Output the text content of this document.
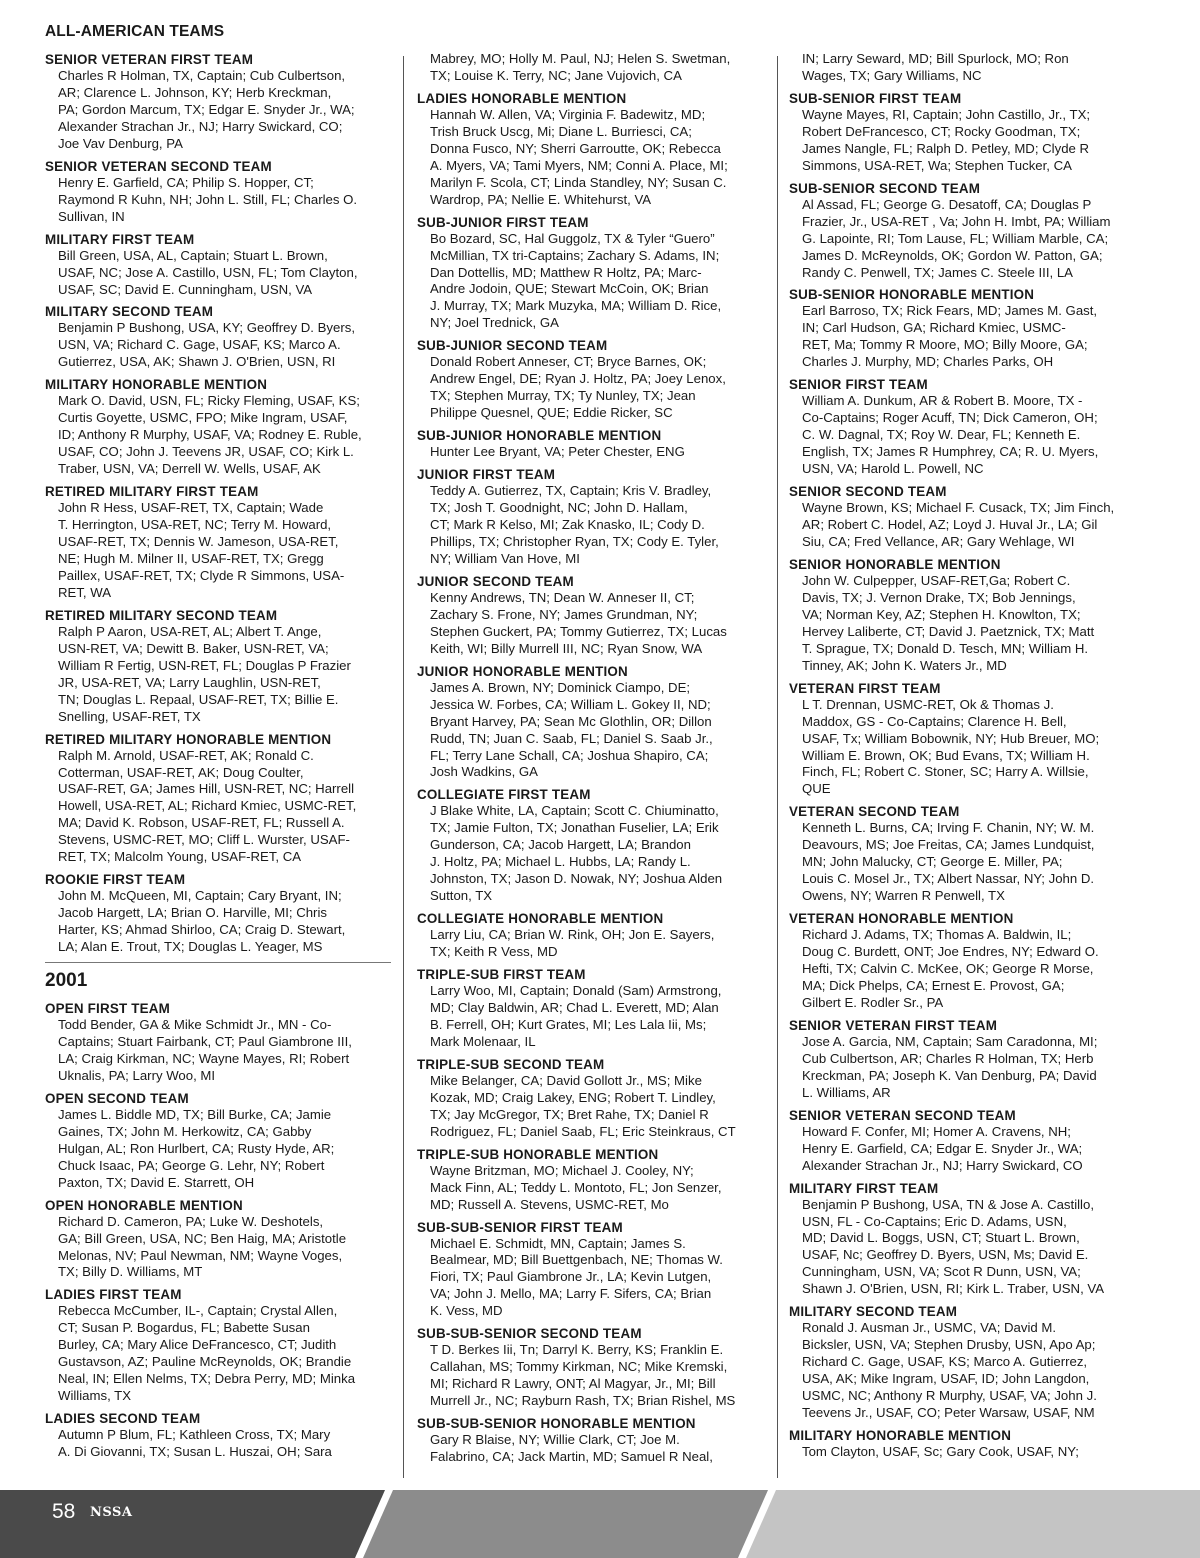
ALL-AMERICAN TEAMS
SENIOR VETERAN FIRST TEAM
Charles R Holman, TX, Captain; Cub Culbertson,
AR; Clarence L. Johnson, KY; Herb Kreckman,
PA; Gordon Marcum, TX; Edgar E. Snyder Jr., WA;
Alexander Strachan Jr., NJ; Harry Swickard, CO;
Joe Vav Denburg, PA
SENIOR VETERAN SECOND TEAM
Henry E. Garfield, CA; Philip S. Hopper, CT;
Raymond R Kuhn, NH; John L. Still, FL; Charles O.
Sullivan, IN
MILITARY FIRST TEAM
Bill Green, USA, AL, Captain; Stuart L. Brown,
USAF, NC; Jose A. Castillo, USN, FL; Tom Clayton,
USAF, SC; David E. Cunningham, USN, VA
MILITARY SECOND TEAM
Benjamin P Bushong, USA, KY; Geoffrey D. Byers,
USN, VA; Richard C. Gage, USAF, KS; Marco A.
Gutierrez, USA, AK; Shawn J. O'Brien, USN, RI
MILITARY HONORABLE MENTION
Mark O. David, USN, FL; Ricky Fleming, USAF, KS;
Curtis Goyette, USMC, FPO; Mike Ingram, USAF,
ID; Anthony R Murphy, USAF, VA; Rodney E. Ruble,
USAF, CO; John J. Teevens JR, USAF, CO; Kirk L.
Traber, USN, VA; Derrell W. Wells, USAF, AK
RETIRED MILITARY FIRST TEAM
John R Hess, USAF-RET, TX, Captain; Wade
T. Herrington, USA-RET, NC; Terry M. Howard,
USAF-RET, TX; Dennis W. Jameson, USA-RET,
NE; Hugh M. Milner II, USAF-RET, TX; Gregg
Paillex, USAF-RET, TX; Clyde R Simmons, USA-
RET, WA
RETIRED MILITARY SECOND TEAM
Ralph P Aaron, USA-RET, AL; Albert T. Ange,
USN-RET, VA; Dewitt B. Baker, USN-RET, VA;
William R Fertig, USN-RET, FL; Douglas P Frazier
JR, USA-RET, VA; Larry Laughlin, USN-RET,
TN; Douglas L. Repaal, USAF-RET, TX; Billie E.
Snelling, USAF-RET, TX
RETIRED MILITARY HONORABLE MENTION
Ralph M. Arnold, USAF-RET, AK; Ronald C.
Cotterman, USAF-RET, AK; Doug Coulter,
USAF-RET, GA; James Hill, USN-RET, NC; Harrell
Howell, USA-RET, AL; Richard Kmiec, USMC-RET,
MA; David K. Robson, USAF-RET, FL; Russell A.
Stevens, USMC-RET, MO; Cliff L. Wurster, USAF-
RET, TX; Malcolm Young, USAF-RET, CA
ROOKIE FIRST TEAM
John M. McQueen, MI, Captain; Cary Bryant, IN;
Jacob Hargett, LA; Brian O. Harville, MI; Chris
Harter, KS; Ahmad Shirloo, CA; Craig D. Stewart,
LA; Alan E. Trout, TX; Douglas L. Yeager, MS
2001
OPEN FIRST TEAM
Todd Bender, GA & Mike Schmidt Jr., MN - Co-
Captains; Stuart Fairbank, CT; Paul Giambrone III,
LA; Craig Kirkman, NC; Wayne Mayes, RI; Robert
Uknalis, PA; Larry Woo, MI
OPEN SECOND TEAM
James L. Biddle MD, TX; Bill Burke, CA; Jamie
Gaines, TX; John M. Herkowitz, CA; Gabby
Hulgan, AL; Ron Hurlbert, CA; Rusty Hyde, AR;
Chuck Isaac, PA; George G. Lehr, NY; Robert
Paxton, TX; David E. Starrett, OH
OPEN HONORABLE MENTION
Richard D. Cameron, PA; Luke W. Deshotels,
GA; Bill Green, USA, NC; Ben Haig, MA; Aristotle
Melonas, NV; Paul Newman, NM; Wayne Voges,
TX; Billy D. Williams, MT
LADIES FIRST TEAM
Rebecca McCumber, IL-, Captain; Crystal Allen,
CT; Susan P. Bogardus, FL; Babette Susan
Burley, CA; Mary Alice DeFrancesco, CT; Judith
Gustavson, AZ; Pauline McReynolds, OK; Brandie
Neal, IN; Ellen Nelms, TX; Debra Perry, MD; Minka
Williams, TX
LADIES SECOND TEAM
Autumn P Blum, FL; Kathleen Cross, TX; Mary
A. Di Giovanni, TX; Susan L. Huszai, OH; Sara
Mabrey, MO; Holly M. Paul, NJ; Helen S. Swetman,
TX; Louise K. Terry, NC; Jane Vujovich, CA
LADIES HONORABLE MENTION
Hannah W. Allen, VA; Virginia F. Badewitz, MD;
Trish Bruck Uscg, Mi; Diane L. Burriesci, CA;
Donna Fusco, NY; Sherri Garroutte, OK; Rebecca
A. Myers, VA; Tami Myers, NM; Conni A. Place, MI;
Marilyn F. Scola, CT; Linda Standley, NY; Susan C.
Wardrop, PA; Nellie E. Whitehurst, VA
SUB-JUNIOR FIRST TEAM
Bo Bozard, SC, Hal Guggolz, TX & Tyler “Guero”
McMillian, TX tri-Captains; Zachary S. Adams, IN;
Dan Dottellis, MD; Matthew R Holtz, PA; Marc-
Andre Jodoin, QUE; Stewart McCoin, OK; Brian
J. Murray, TX; Mark Muzyka, MA; William D. Rice,
NY; Joel Trednick, GA
SUB-JUNIOR SECOND TEAM
Donald Robert Anneser, CT; Bryce Barnes, OK;
Andrew Engel, DE; Ryan J. Holtz, PA; Joey Lenox,
TX; Stephen Murray, TX; Ty Nunley, TX; Jean
Philippe Quesnel, QUE; Eddie Ricker, SC
SUB-JUNIOR HONORABLE MENTION
Hunter Lee Bryant, VA; Peter Chester, ENG
JUNIOR FIRST TEAM
Teddy A. Gutierrez, TX, Captain; Kris V. Bradley,
TX; Josh T. Goodnight, NC; John D. Hallam,
CT; Mark R Kelso, MI; Zak Knasko, IL; Cody D.
Phillips, TX; Christopher Ryan, TX; Cody E. Tyler,
NY; William Van Hove, MI
JUNIOR SECOND TEAM
Kenny Andrews, TN; Dean W. Anneser II, CT;
Zachary S. Frone, NY; James Grundman, NY;
Stephen Guckert, PA; Tommy Gutierrez, TX; Lucas
Keith, WI; Billy Murrell III, NC; Ryan Snow, WA
JUNIOR HONORABLE MENTION
James A. Brown, NY; Dominick Ciampo, DE;
Jessica W. Forbes, CA; William L. Gokey II, ND;
Bryant Harvey, PA; Sean Mc Glothlin, OR; Dillon
Rudd, TN; Juan C. Saab, FL; Daniel S. Saab Jr.,
FL; Terry Lane Schall, CA; Joshua Shapiro, CA;
Josh Wadkins, GA
COLLEGIATE FIRST TEAM
J Blake White, LA, Captain; Scott C. Chiuminatto,
TX; Jamie Fulton, TX; Jonathan Fuselier, LA; Erik
Gunderson, CA; Jacob Hargett, LA; Brandon
J. Holtz, PA; Michael L. Hubbs, LA; Randy L.
Johnston, TX; Jason D. Nowak, NY; Joshua Alden
Sutton, TX
COLLEGIATE HONORABLE MENTION
Larry Liu, CA; Brian W. Rink, OH; Jon E. Sayers,
TX; Keith R Vess, MD
TRIPLE-SUB FIRST TEAM
Larry Woo, MI, Captain; Donald (Sam) Armstrong,
MD; Clay Baldwin, AR; Chad L. Everett, MD; Alan
B. Ferrell, OH; Kurt Grates, MI; Les Lala Iii, Ms;
Mark Molenaar, IL
TRIPLE-SUB SECOND TEAM
Mike Belanger, CA; David Gollott Jr., MS; Mike
Kozak, MD; Craig Lakey, ENG; Robert T. Lindley,
TX; Jay McGregor, TX; Bret Rahe, TX; Daniel R
Rodriguez, FL; Daniel Saab, FL; Eric Steinkraus, CT
TRIPLE-SUB HONORABLE MENTION
Wayne Britzman, MO; Michael J. Cooley, NY;
Mack Finn, AL; Teddy L. Montoto, FL; Jon Senzer,
MD; Russell A. Stevens, USMC-RET, Mo
SUB-SUB-SENIOR FIRST TEAM
Michael E. Schmidt, MN, Captain; James S.
Bealmear, MD; Bill Buettgenbach, NE; Thomas W.
Fiori, TX; Paul Giambrone Jr., LA; Kevin Lutgen,
VA; John J. Mello, MA; Larry F. Sifers, CA; Brian
K. Vess, MD
SUB-SUB-SENIOR SECOND TEAM
T D. Berkes Iii, Tn; Darryl K. Berry, KS; Franklin E.
Callahan, MS; Tommy Kirkman, NC; Mike Kremski,
MI; Richard R Lawry, ONT; Al Magyar, Jr., MI; Bill
Murrell Jr., NC; Rayburn Rash, TX; Brian Rishel, MS
SUB-SUB-SENIOR HONORABLE MENTION
Gary R Blaise, NY; Willie Clark, CT; Joe M.
Falabrino, CA; Jack Martin, MD; Samuel R Neal,
IN; Larry Seward, MD; Bill Spurlock, MO; Ron
Wages, TX; Gary Williams, NC
SUB-SENIOR FIRST TEAM
Wayne Mayes, RI, Captain; John Castillo, Jr., TX;
Robert DeFrancesco, CT; Rocky Goodman, TX;
James Nangle, FL; Ralph D. Petley, MD; Clyde R
Simmons, USA-RET, Wa; Stephen Tucker, CA
SUB-SENIOR SECOND TEAM
Al Assad, FL; George G. Desatoff, CA; Douglas P
Frazier, Jr., USA-RET , Va; John H. Imbt, PA; William
G. Lapointe, RI; Tom Lause, FL; William Marble, CA;
James D. McReynolds, OK; Gordon W. Patton, GA;
Randy C. Penwell, TX; James C. Steele III, LA
SUB-SENIOR HONORABLE MENTION
Earl Barroso, TX; Rick Fears, MD; James M. Gast,
IN; Carl Hudson, GA; Richard Kmiec, USMC-
RET, Ma; Tommy R Moore, MO; Billy Moore, GA;
Charles J. Murphy, MD; Charles Parks, OH
SENIOR FIRST TEAM
William A. Dunkum, AR & Robert B. Moore, TX -
Co-Captains; Roger Acuff, TN; Dick Cameron, OH;
C. W. Dagnal, TX; Roy W. Dear, FL; Kenneth E.
English, TX; James R Humphrey, CA; R. U. Myers,
USN, VA; Harold L. Powell, NC
SENIOR SECOND TEAM
Wayne Brown, KS; Michael F. Cusack, TX; Jim Finch,
AR; Robert C. Hodel, AZ; Loyd J. Huval Jr., LA; Gil
Siu, CA; Fred Vellance, AR; Gary Wehlage, WI
SENIOR HONORABLE MENTION
John W. Culpepper, USAF-RET,Ga; Robert C.
Davis, TX; J. Vernon Drake, TX; Bob Jennings,
VA; Norman Key, AZ; Stephen H. Knowlton, TX;
Hervey Laliberte, CT; David J. Paetznick, TX; Matt
T. Sprague, TX; Donald D. Tesch, MN; William H.
Tinney, AK; John K. Waters Jr., MD
VETERAN FIRST TEAM
L T. Drennan, USMC-RET, Ok & Thomas J.
Maddox, GS - Co-Captains; Clarence H. Bell,
USAF, Tx; William Bobownik, NY; Hub Breuer, MO;
William E. Brown, OK; Bud Evans, TX; William H.
Finch, FL; Robert C. Stoner, SC; Harry A. Willsie,
QUE
VETERAN SECOND TEAM
Kenneth L. Burns, CA; Irving F. Chanin, NY; W. M.
Deavours, MS; Joe Freitas, CA; James Lundquist,
MN; John Malucky, CT; George E. Miller, PA;
Louis C. Mosel Jr., TX; Albert Nassar, NY; John D.
Owens, NY; Warren R Penwell, TX
VETERAN HONORABLE MENTION
Richard J. Adams, TX; Thomas A. Baldwin, IL;
Doug C. Burdett, ONT; Joe Endres, NY; Edward O.
Hefti, TX; Calvin C. McKee, OK; George R Morse,
MA; Dick Phelps, CA; Ernest E. Provost, GA;
Gilbert E. Rodler Sr., PA
SENIOR VETERAN FIRST TEAM
Jose A. Garcia, NM, Captain; Sam Caradonna, MI;
Cub Culbertson, AR; Charles R Holman, TX; Herb
Kreckman, PA; Joseph K. Van Denburg, PA; David
L. Williams, AR
SENIOR VETERAN SECOND TEAM
Howard F. Confer, MI; Homer A. Cravens, NH;
Henry E. Garfield, CA; Edgar E. Snyder Jr., WA;
Alexander Strachan Jr., NJ; Harry Swickard, CO
MILITARY FIRST TEAM
Benjamin P Bushong, USA, TN & Jose A. Castillo,
USN, FL - Co-Captains; Eric D. Adams, USN,
MD; David L. Boggs, USN, CT; Stuart L. Brown,
USAF, Nc; Geoffrey D. Byers, USN, Ms; David E.
Cunningham, USN, VA; Scot R Dunn, USN, VA;
Shawn J. O'Brien, USN, RI; Kirk L. Traber, USN, VA
MILITARY SECOND TEAM
Ronald J. Ausman Jr., USMC, VA; David M.
Bicksler, USN, VA; Stephen Drusby, USN, Apo Ap;
Richard C. Gage, USAF, KS; Marco A. Gutierrez,
USA, AK; Mike Ingram, USAF, ID; John Langdon,
USMC, NC; Anthony R Murphy, USAF, VA; John J.
Teevens Jr., USAF, CO; Peter Warsaw, USAF, NM
MILITARY HONORABLE MENTION
Tom Clayton, USAF, Sc; Gary Cook, USAF, NY;
58 NSSA
